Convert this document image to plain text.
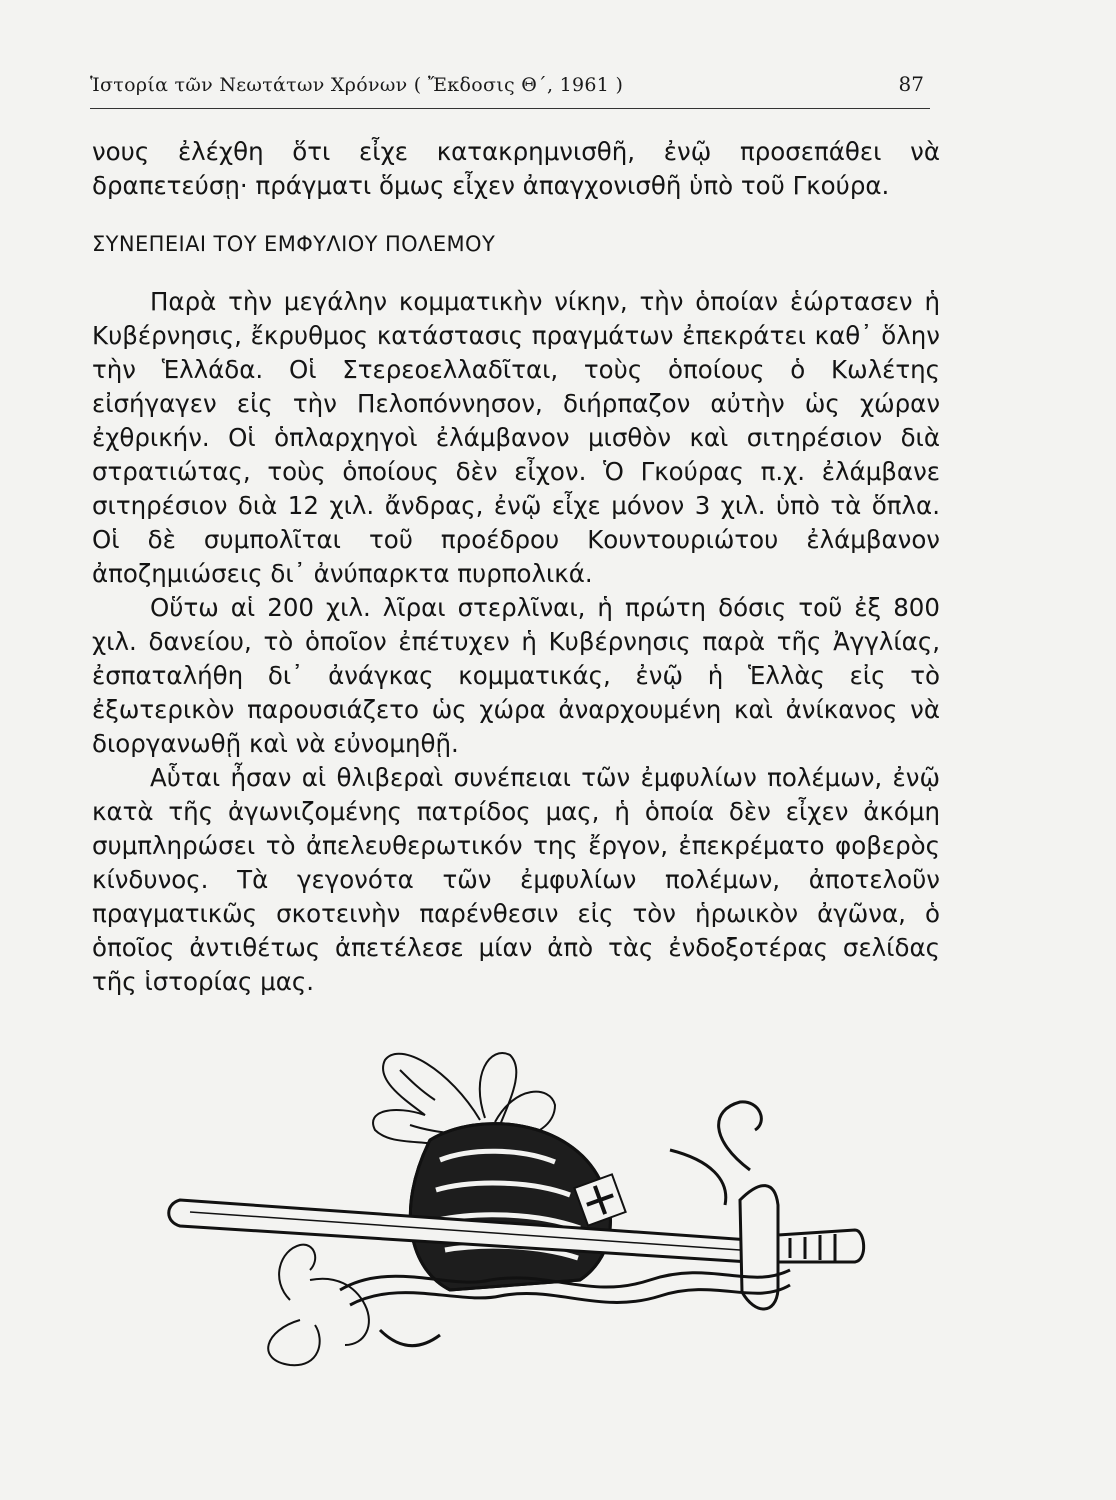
Ἱστορία τῶν Νεωτάτων Χρόνων ( Ἔκδοσις Θ΄, 1961 )	87

νους ἐλέχθη ὅτι εἶχε κατακρημνισθῆ, ἐνῷ προσεπάθει νὰ δραπετεύσῃ· πράγματι ὅμως εἶχεν ἀπαγχονισθῆ ὑπὸ τοῦ Γκούρα.

ΣΥΝΕΠΕΙΑΙ ΤΟΥ ΕΜΦΥΛΙΟΥ ΠΟΛΕΜΟΥ

Παρὰ τὴν μεγάλην κομματικὴν νίκην, τὴν ὁποίαν ἑώρτασεν ἡ Κυβέρνησις, ἔκρυθμος κατάστασις πραγμάτων ἐπεκράτει καθ᾽ ὅλην τὴν Ἑλλάδα. Οἱ Στερεοελλαδῖται, τοὺς ὁποίους ὁ Κωλέτης εἰσήγαγεν εἰς τὴν Πελοπόννησον, διήρπαζον αὐτὴν ὡς χώραν ἐχθρικήν. Οἱ ὁπλαρχηγοὶ ἐλάμβανον μισθὸν καὶ σιτηρέσιον διὰ στρατιώτας, τοὺς ὁποίους δὲν εἶχον. Ὁ Γκούρας π.χ. ἐλάμβανε σιτηρέσιον διὰ 12 χιλ. ἄνδρας, ἐνῷ εἶχε μόνον 3 χιλ. ὑπὸ τὰ ὅπλα. Οἱ δὲ συμπολῖται τοῦ προέδρου Κουντουριώτου ἐλάμβανον ἀποζημιώσεις δι᾽ ἀνύπαρκτα πυρπολικά.

Οὕτω αἱ 200 χιλ. λῖραι στερλῖναι, ἡ πρώτη δόσις τοῦ ἐξ 800 χιλ. δανείου, τὸ ὁποῖον ἐπέτυχεν ἡ Κυβέρνησις παρὰ τῆς Ἀγγλίας, ἐσπαταλήθη δι᾽ ἀνάγκας κομματικάς, ἐνῷ ἡ Ἑλλὰς εἰς τὸ ἐξωτερικὸν παρουσιάζετο ὡς χώρα ἀναρχουμένη καὶ ἀνίκανος νὰ διοργανωθῇ καὶ νὰ εὐνομηθῇ.

Αὗται ἦσαν αἱ θλιβεραὶ συνέπειαι τῶν ἐμφυλίων πολέμων, ἐνῷ κατὰ τῆς ἀγωνιζομένης πατρίδος μας, ἡ ὁποία δὲν εἶχεν ἀκόμη συμπληρώσει τὸ ἀπελευθερωτικόν της ἔργον, ἐπεκρέματο φοβερὸς κίνδυνος. Τὰ γεγονότα τῶν ἐμφυλίων πολέμων, ἀποτελοῦν πραγματικῶς σκοτεινὴν παρένθεσιν εἰς τὸν ἡρωικὸν ἀγῶνα, ὁ ὁποῖος ἀντιθέτως ἀπετέλεσε μίαν ἀπὸ τὰς ἐνδοξοτέρας σελίδας τῆς ἱστορίας μας.
